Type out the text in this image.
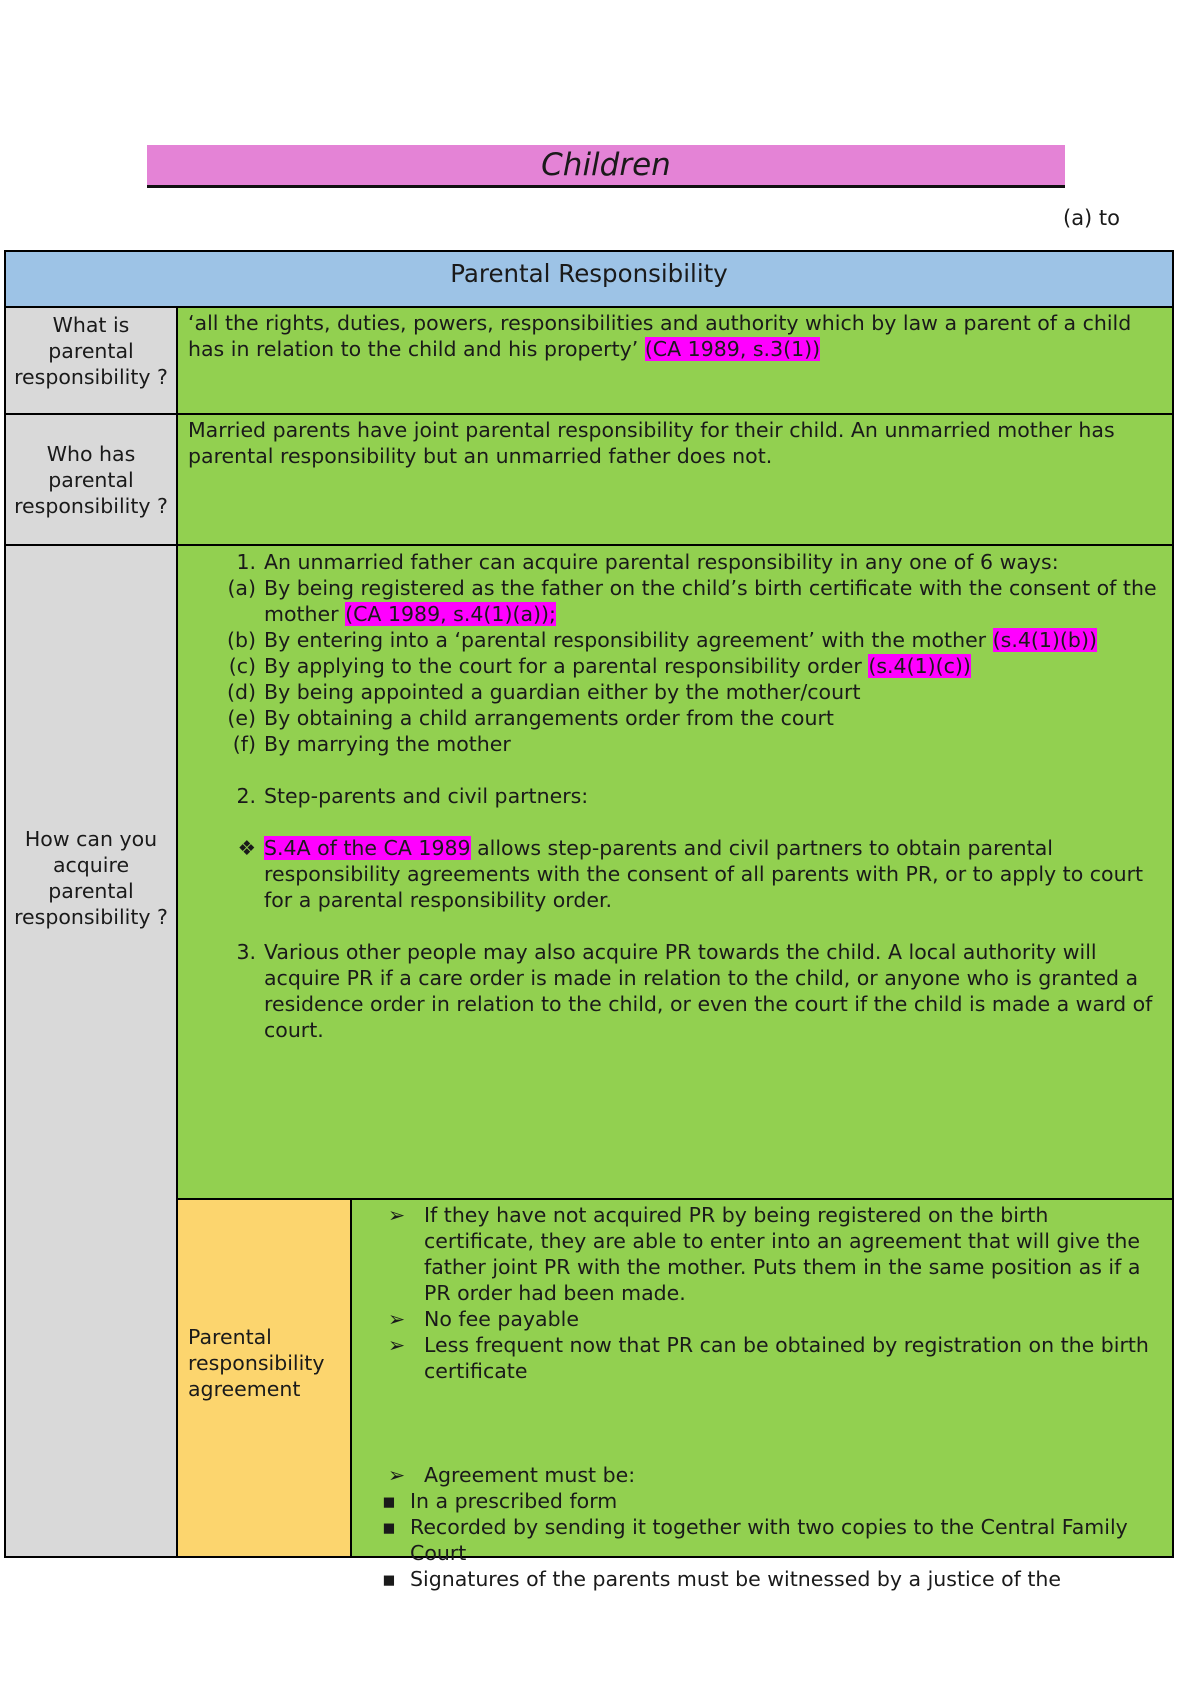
Children
(a) to
Parental Responsibility
What is parental responsibility ?
‘all the rights, duties, powers, responsibilities and authority which by law a parent of a child has in relation to the child and his property’ (CA 1989, s.3(1))
Who has parental responsibility ?
Married parents have joint parental responsibility for their child. An unmarried mother has parental responsibility but an unmarried father does not.
How can you acquire parental responsibility ?
1. An unmarried father can acquire parental responsibility in any one of 6 ways:
(a) By being registered as the father on the child’s birth certificate with the consent of the mother (CA 1989, s.4(1)(a));
(b) By entering into a ‘parental responsibility agreement’ with the mother (s.4(1)(b))
(c) By applying to the court for a parental responsibility order (s.4(1)(c))
(d) By being appointed a guardian either by the mother/court
(e) By obtaining a child arrangements order from the court
(f) By marrying the mother
2. Step-parents and civil partners:
❖ S.4A of the CA 1989 allows step-parents and civil partners to obtain parental responsibility agreements with the consent of all parents with PR, or to apply to court for a parental responsibility order.
3. Various other people may also acquire PR towards the child. A local authority will acquire PR if a care order is made in relation to the child, or anyone who is granted a residence order in relation to the child, or even the court if the child is made a ward of court.
Parental responsibility agreement
➢ If they have not acquired PR by being registered on the birth certificate, they are able to enter into an agreement that will give the father joint PR with the mother. Puts them in the same position as if a PR order had been made.
➢ No fee payable
➢ Less frequent now that PR can be obtained by registration on the birth certificate
➢ Agreement must be:
▪ In a prescribed form
▪ Recorded by sending it together with two copies to the Central Family Court
▪ Signatures of the parents must be witnessed by a justice of the
